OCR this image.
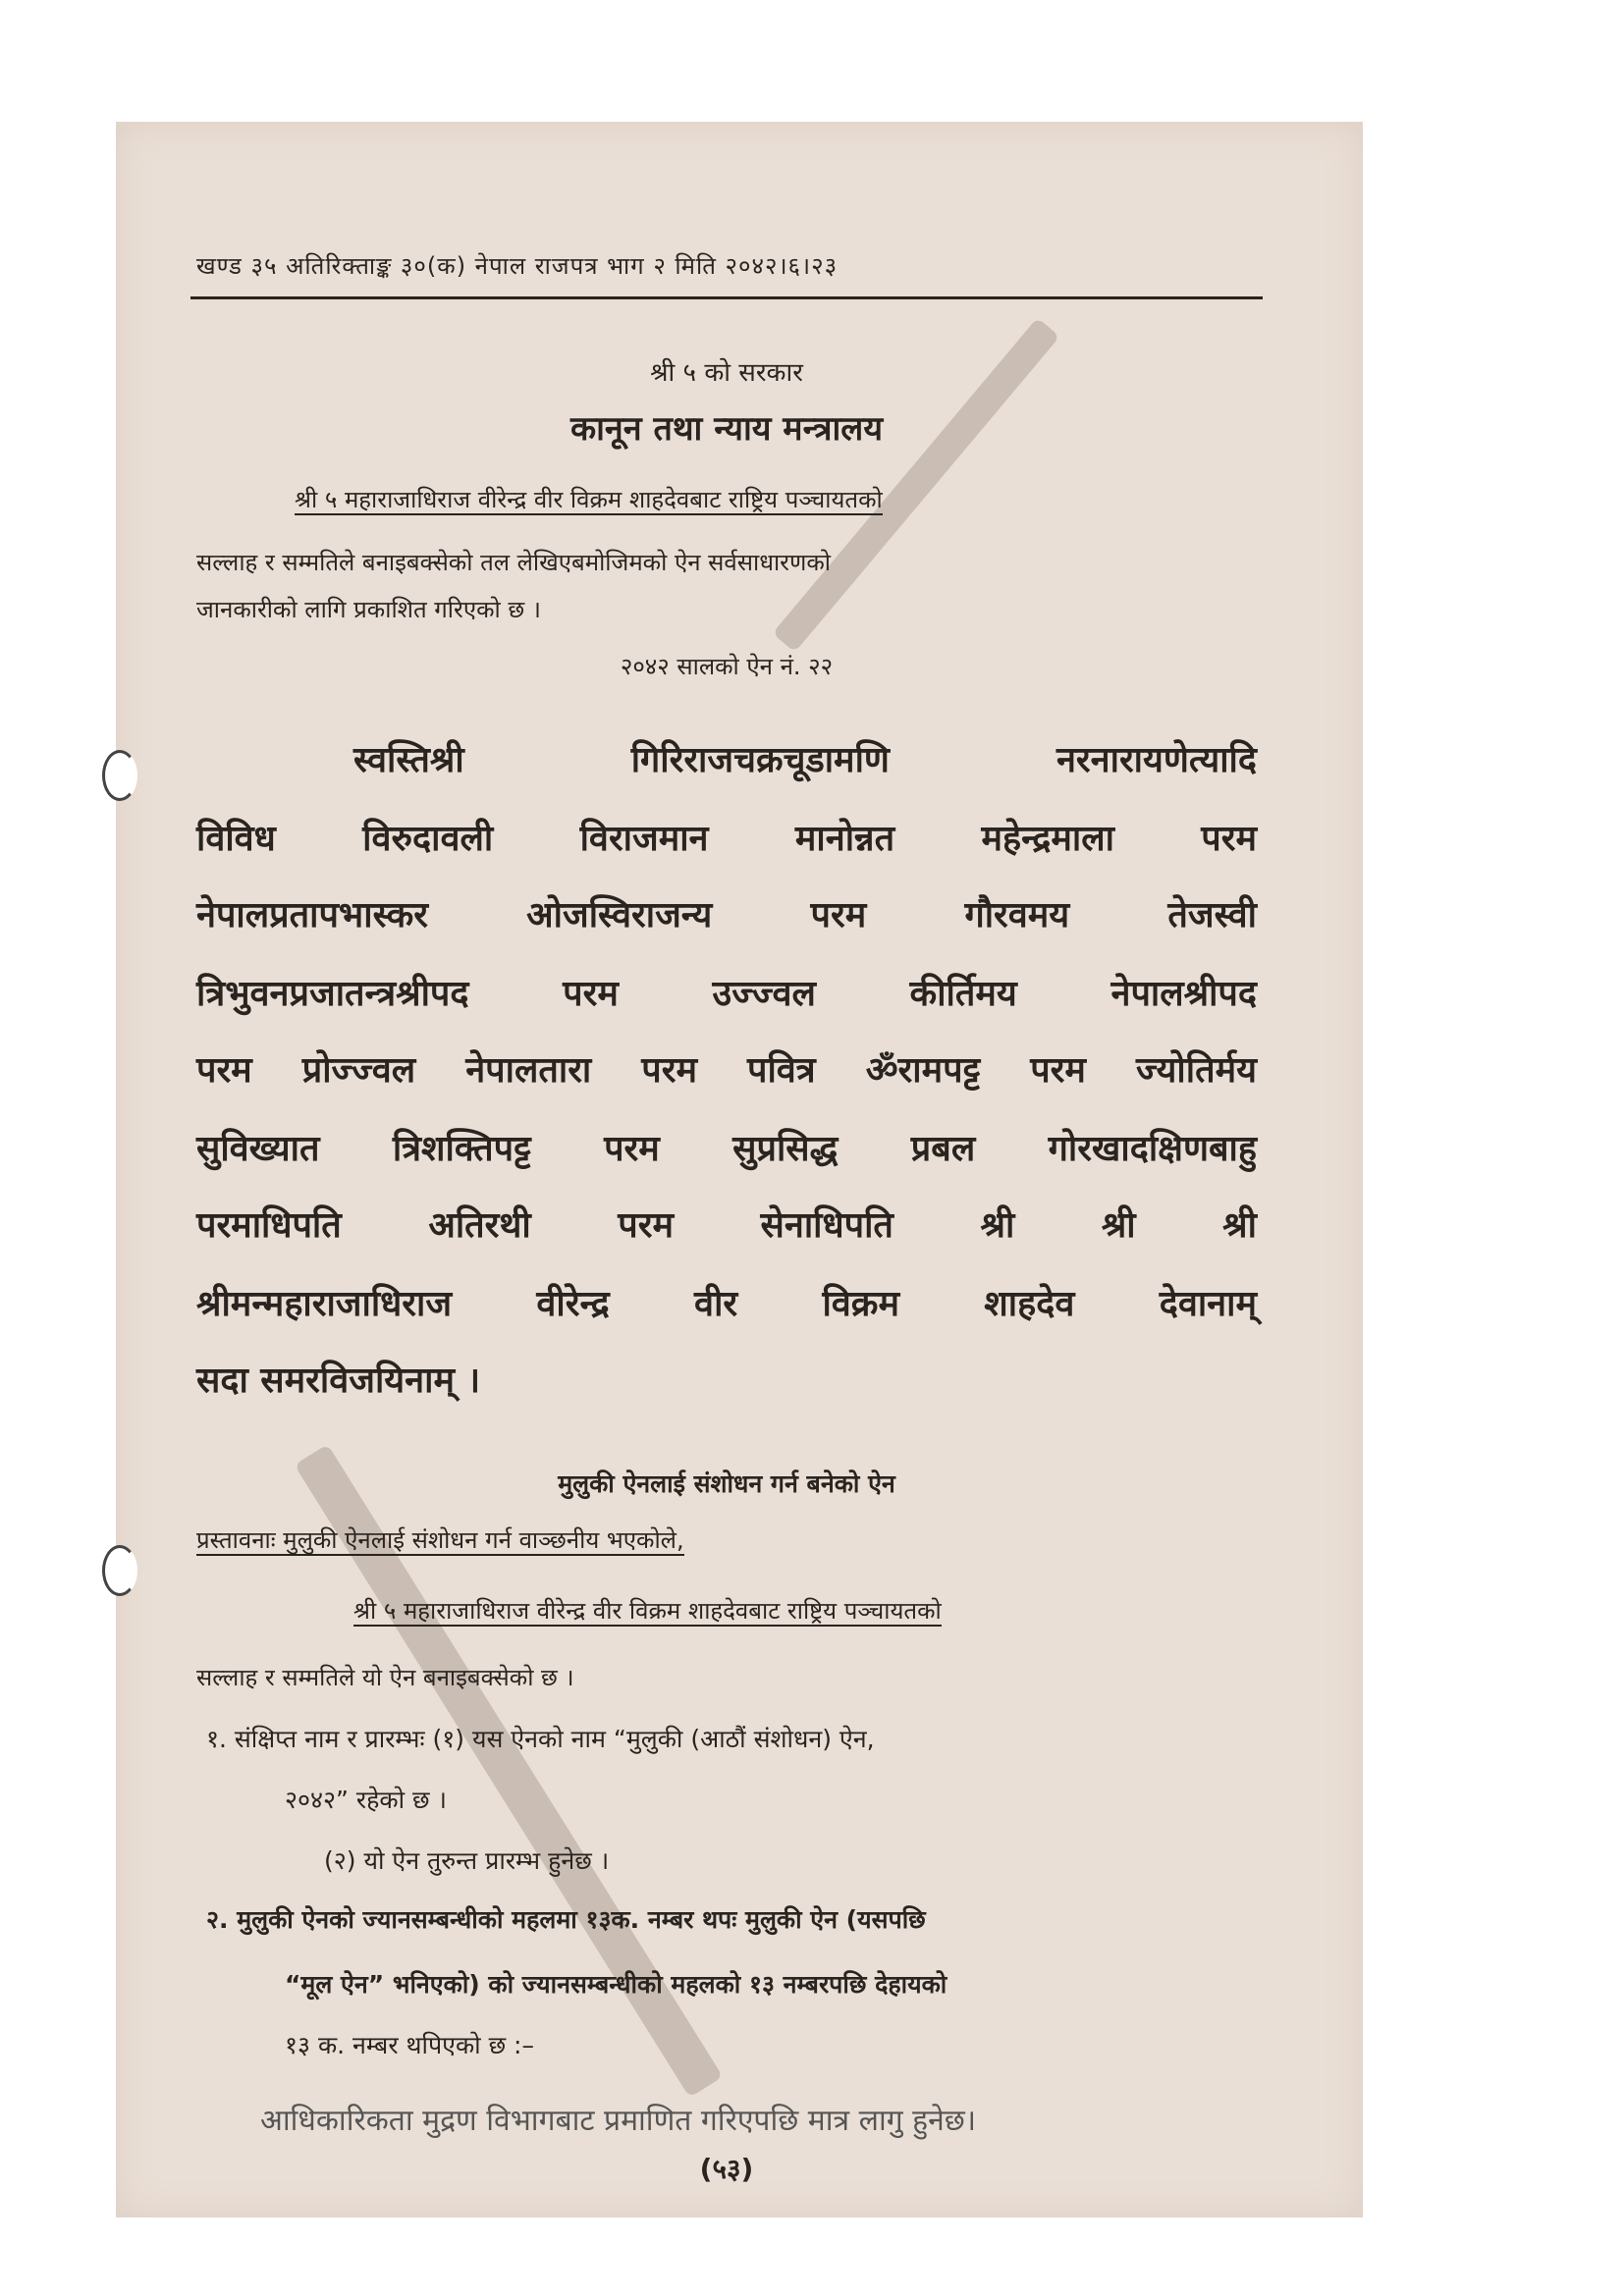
खण्ड ३५ अतिरिक्ताङ्क ३०(क) नेपाल राजपत्र भाग २ मिति २०४२।६।२३
श्री ५ को सरकार
कानून तथा न्याय मन्त्रालय
श्री ५ महाराजाधिराज वीरेन्द्र वीर विक्रम शाहदेवबाट राष्ट्रिय पञ्चायतको
सल्लाह र सम्मतिले बनाइबक्सेको तल लेखिएबमोजिमको ऐन सर्वसाधारणको
जानकारीको लागि प्रकाशित गरिएको छ ।
२०४२ सालको ऐन नं. २२
स्वस्तिश्री गिरिराजचक्रचूडामणि नरनारायणेत्यादि
विविध विरुदावली विराजमान मानोन्नत महेन्द्रमाला परम
नेपालप्रतापभास्कर ओजस्विराजन्य परम गौरवमय तेजस्वी
त्रिभुवनप्रजातन्त्रश्रीपद परम उज्ज्वल कीर्तिमय नेपालश्रीपद
परम प्रोज्ज्वल नेपालतारा परम पवित्र ॐरामपट्ट परम ज्योतिर्मय
सुविख्यात त्रिशक्तिपट्ट परम सुप्रसिद्ध प्रबल गोरखादक्षिणबाहु
परमाधिपति अतिरथी परम सेनाधिपति श्री श्री श्री
श्रीमन्महाराजाधिराज वीरेन्द्र वीर विक्रम शाहदेव देवानाम्
सदा समरविजयिनाम् ।
मुलुकी ऐनलाई संशोधन गर्न बनेको ऐन
प्रस्तावनाः मुलुकी ऐनलाई संशोधन गर्न वाञ्छनीय भएकोले,
श्री ५ महाराजाधिराज वीरेन्द्र वीर विक्रम शाहदेवबाट राष्ट्रिय पञ्चायतको
सल्लाह र सम्मतिले यो ऐन बनाइबक्सेको छ ।
१. संक्षिप्त नाम र प्रारम्भः (१) यस ऐनको नाम “मुलुकी (आठौं संशोधन) ऐन,
२०४२” रहेको छ ।
(२) यो ऐन तुरुन्त प्रारम्भ हुनेछ ।
२. मुलुकी ऐनको ज्यानसम्बन्धीको महलमा १३क. नम्बर थपः मुलुकी ऐन (यसपछि
“मूल ऐन” भनिएको) को ज्यानसम्बन्धीको महलको १३ नम्बरपछि देहायको
१३ क. नम्बर थपिएको छ :–
(५३)
आधिकारिकता मुद्रण विभागबाट प्रमाणित गरिएपछि मात्र लागु हुनेछ।
